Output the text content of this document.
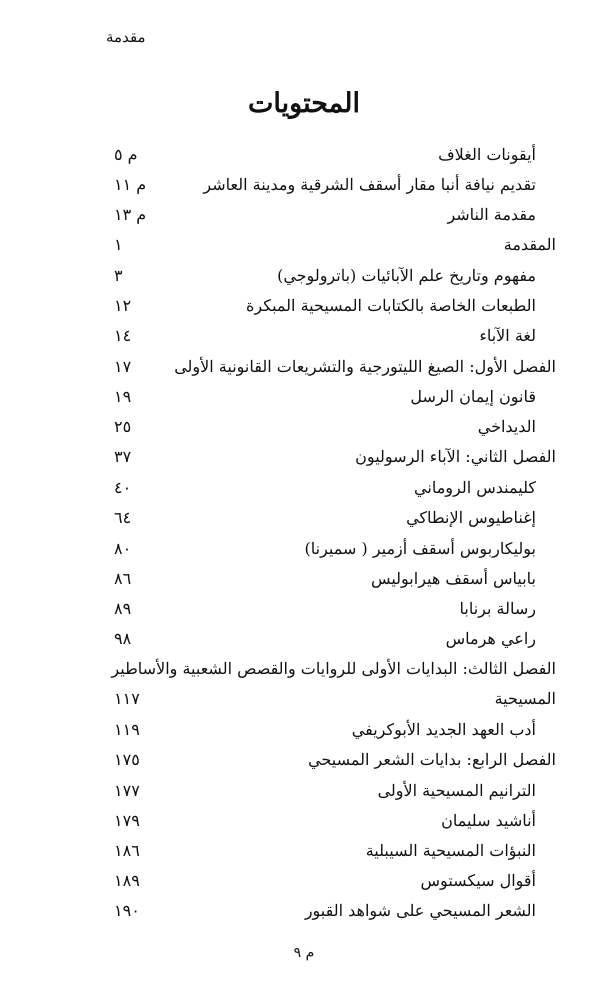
مقدمة
المحتويات
أيقونات الغلاف
م ٥
تقديم نيافة أنبا مقار أسقف الشرقية ومدينة العاشر
م ١١
مقدمة الناشر
م ١٣
المقدمة
١
مفهوم وتاريخ علم الآبائيات (باترولوجي)
٣
الطبعات الخاصة بالكتابات المسيحية المبكرة
١٢
لغة الآباء
١٤
الفصل الأول: الصيغ الليتورجية والتشريعات القانونية الأولى
١٧
قانون إيمان الرسل
١٩
الديداخي
٢٥
الفصل الثاني: الآباء الرسوليون
٣٧
كليمندس الروماني
٤٠
إغناطيوس الإنطاكي
٦٤
بوليكاربوس أسقف أزمير ( سميرنا)
٨٠
بابياس أسقف هيرابوليس
٨٦
رسالة برنابا
٨٩
راعي هرماس
٩٨
الفصل الثالث: البدايات الأولى للروايات والقصص الشعبية والأساطير
المسيحية
١١٧
أدب العهد الجديد الأبوكريفي
١١٩
الفصل الرابع: بدايات الشعر المسيحي
١٧٥
الترانيم المسيحية الأولى
١٧٧
أناشيد سليمان
١٧٩
النبؤات المسيحية السيبلية
١٨٦
أقوال سيكستوس
١٨٩
الشعر المسيحي على شواهد القبور
١٩٠
م ٩
